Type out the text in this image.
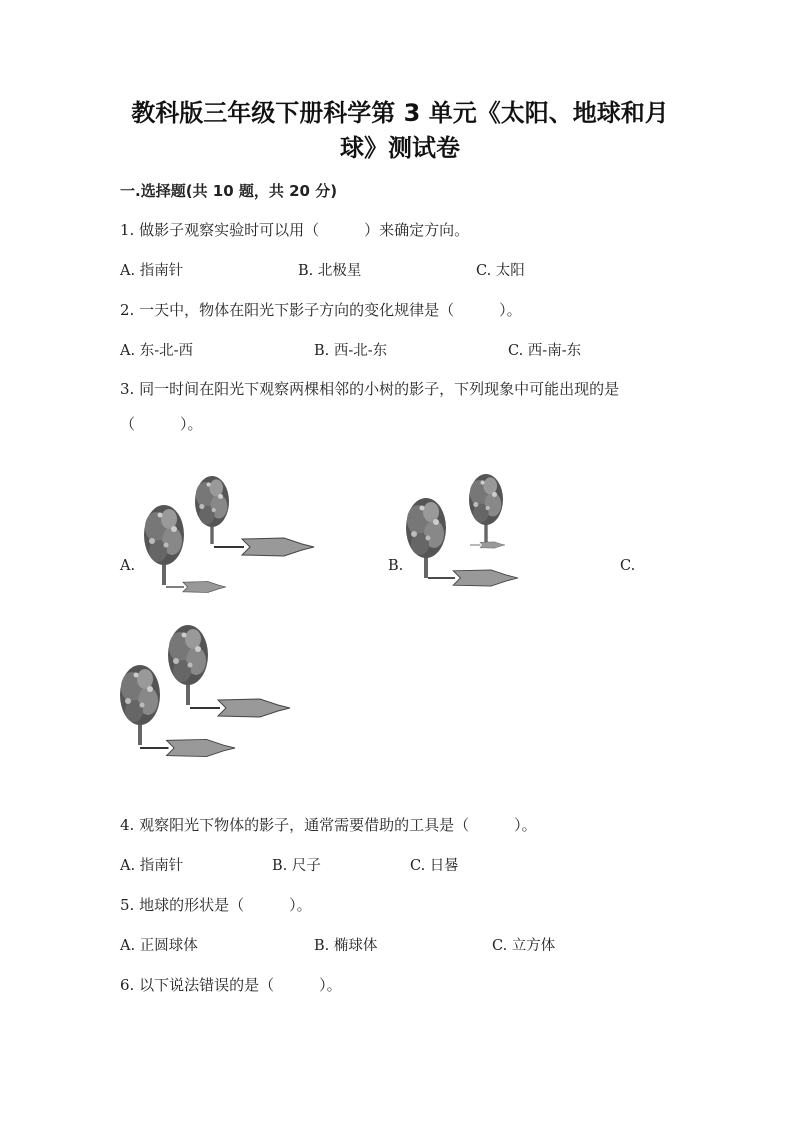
教科版三年级下册科学第 3 单元《太阳、地球和月
球》测试卷
一.选择题(共 10 题，共 20 分)
1. 做影子观察实验时可以用（　　　）来确定方向。
A. 指南针	B. 北极星	C. 太阳
2. 一天中，物体在阳光下影子方向的变化规律是（　　　）。
A. 东-北-西	B. 西-北-东	C. 西-南-东
3. 同一时间在阳光下观察两棵相邻的小树的影子，下列现象中可能出现的是
（　　　）。
A.	B.	C.
4. 观察阳光下物体的影子，通常需要借助的工具是（　　　）。
A. 指南针	B. 尺子	C. 日晷
5. 地球的形状是（　　　）。
A. 正圆球体	B. 椭球体	C. 立方体
6. 以下说法错误的是（　　　）。
